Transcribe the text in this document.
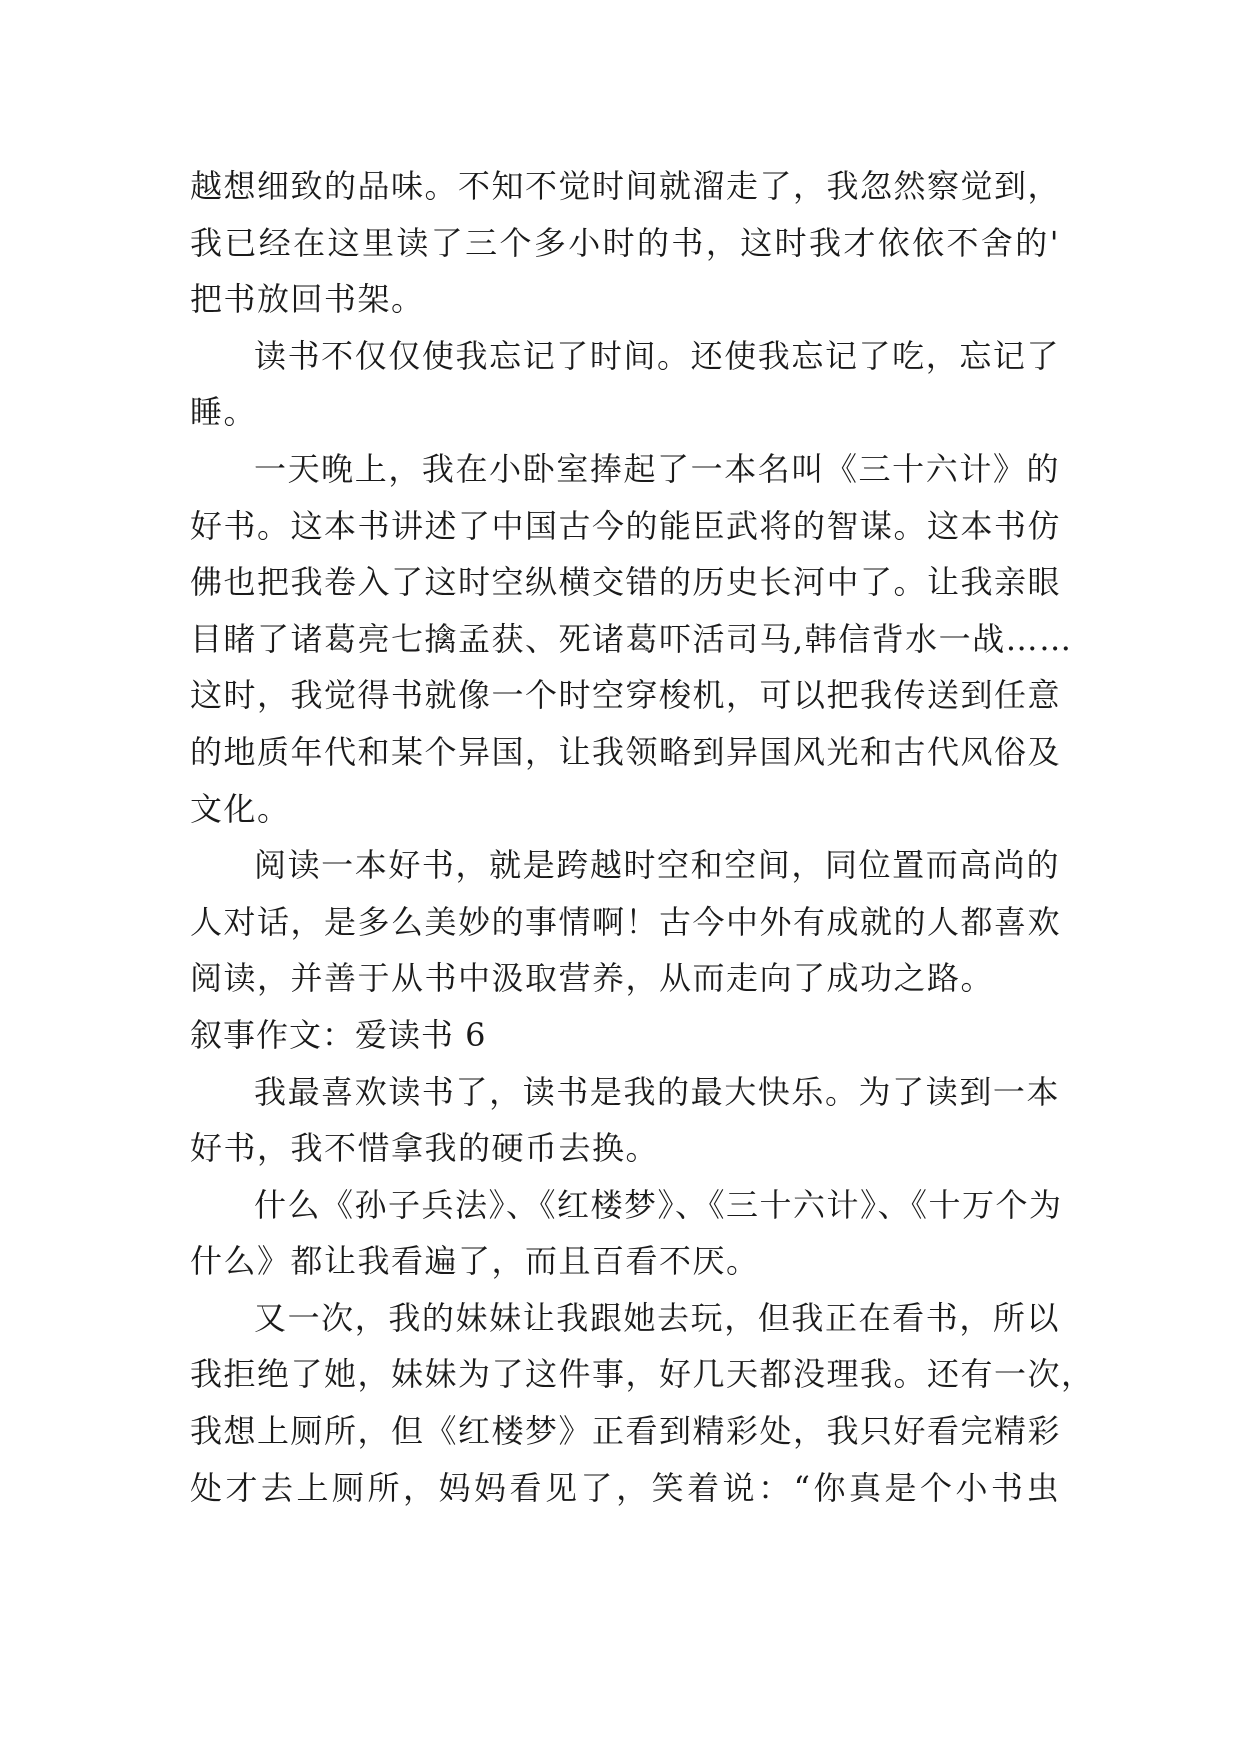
越想细致的品味。不知不觉时间就溜走了，我忽然察觉到，
我已经在这里读了三个多小时的书，这时我才依依不舍的'
把书放回书架。
读书不仅仅使我忘记了时间。还使我忘记了吃，忘记了
睡。
一天晚上，我在小卧室捧起了一本名叫《三十六计》的
好书。这本书讲述了中国古今的能臣武将的智谋。这本书仿
佛也把我卷入了这时空纵横交错的历史长河中了。让我亲眼
目睹了诸葛亮七擒孟获、死诸葛吓活司马,韩信背水一战……
这时，我觉得书就像一个时空穿梭机，可以把我传送到任意
的地质年代和某个异国，让我领略到异国风光和古代风俗及
文化。
阅读一本好书，就是跨越时空和空间，同位置而高尚的
人对话，是多么美妙的事情啊！古今中外有成就的人都喜欢
阅读，并善于从书中汲取营养，从而走向了成功之路。
叙事作文：爱读书 6
我最喜欢读书了，读书是我的最大快乐。为了读到一本
好书，我不惜拿我的硬币去换。
什么《孙子兵法》、《红楼梦》、《三十六计》、《十万个为
什么》都让我看遍了，而且百看不厌。
又一次，我的妹妹让我跟她去玩，但我正在看书，所以
我拒绝了她，妹妹为了这件事，好几天都没理我。还有一次，
我想上厕所，但《红楼梦》正看到精彩处，我只好看完精彩
处才去上厕所，妈妈看见了，笑着说：“你真是个小书虫
